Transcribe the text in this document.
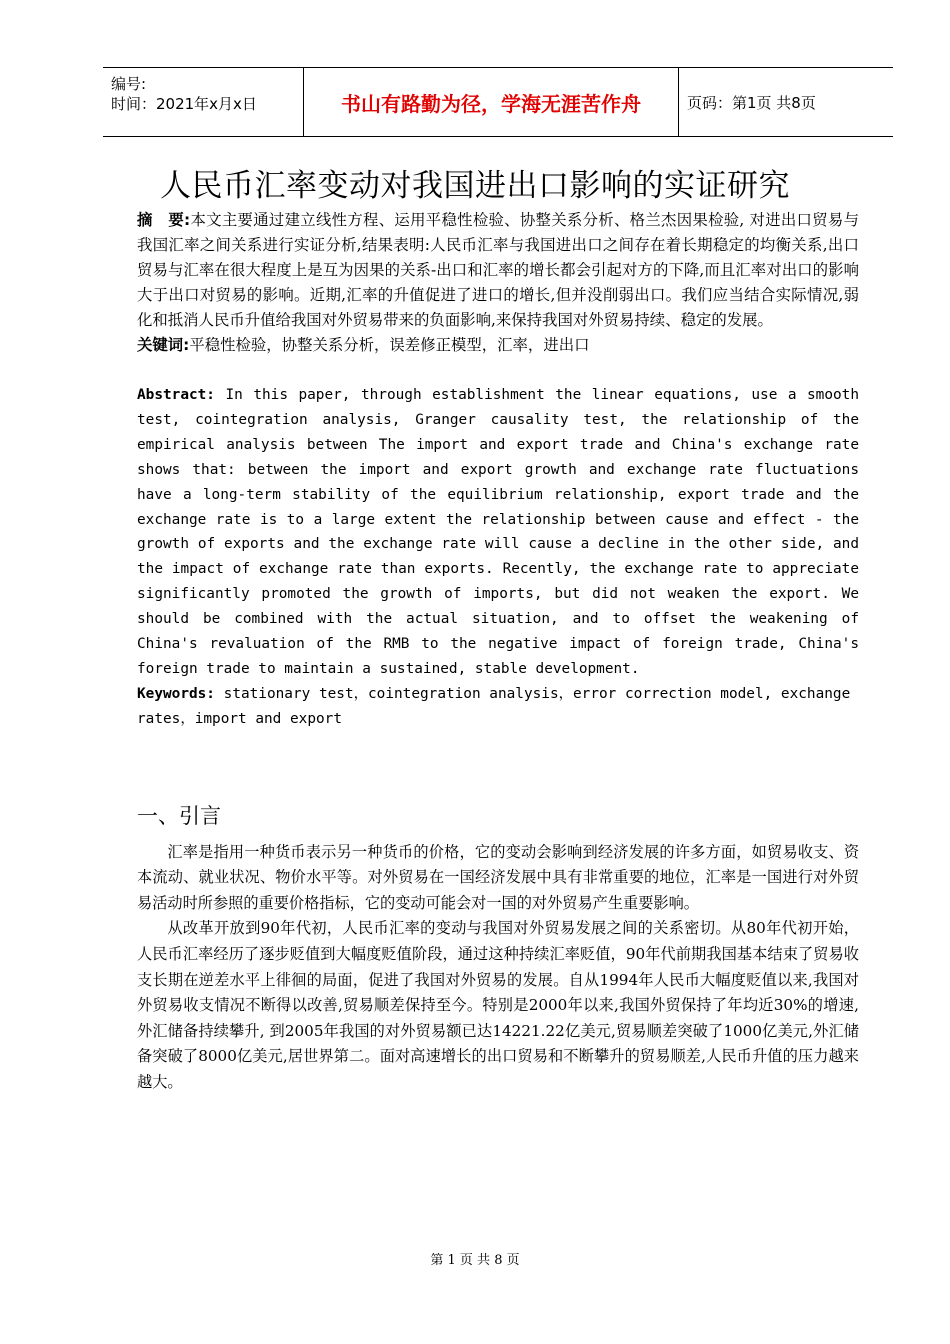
编号:
时间：2021年x月x日	书山有路勤为径，学海无涯苦作舟	页码：第1页 共8页
人民币汇率变动对我国进出口影响的实证研究

摘　要:本文主要通过建立线性方程、运用平稳性检验、协整关系分析、格兰杰因果检验, 对进出口贸易与我国汇率之间关系进行实证分析,结果表明:人民币汇率与我国进出口之间存在着长期稳定的均衡关系,出口贸易与汇率在很大程度上是互为因果的关系-出口和汇率的增长都会引起对方的下降,而且汇率对出口的影响大于出口对贸易的影响。近期,汇率的升值促进了进口的增长,但并没削弱出口。我们应当结合实际情况,弱化和抵消人民币升值给我国对外贸易带来的负面影响,来保持我国对外贸易持续、稳定的发展。

关键词:平稳性检验，协整关系分析，误差修正模型，汇率，进出口

Abstract: In this paper, through establishment the linear equations, use a smooth test, cointegration analysis, Granger causality test, the relationship of the empirical analysis between The import and export trade and China's exchange rate shows that: between the import and export growth and exchange rate fluctuations have a long-term stability of the equilibrium relationship, export trade and the exchange rate is to a large extent the relationship between cause and effect - the growth of exports and the exchange rate will cause a decline in the other side, and the impact of exchange rate than exports. Recently, the exchange rate to appreciate significantly promoted the growth of imports, but did not weaken the export. We should be combined with the actual situation, and to offset the weakening of China's revaluation of the RMB to the negative impact of foreign trade, China's foreign trade to maintain a sustained, stable development.

Keywords: stationary test，cointegration analysis，error correction model, exchange rates，import and export

一、引言

汇率是指用一种货币表示另一种货币的价格，它的变动会影响到经济发展的许多方面，如贸易收支、资本流动、就业状况、物价水平等。对外贸易在一国经济发展中具有非常重要的地位，汇率是一国进行对外贸易活动时所参照的重要价格指标，它的变动可能会对一国的对外贸易产生重要影响。

从改革开放到90年代初，人民币汇率的变动与我国对外贸易发展之间的关系密切。从80年代初开始，人民币汇率经历了逐步贬值到大幅度贬值阶段，通过这种持续汇率贬值，90年代前期我国基本结束了贸易收支长期在逆差水平上徘徊的局面，促进了我国对外贸易的发展。自从1994年人民币大幅度贬值以来,我国对外贸易收支情况不断得以改善,贸易顺差保持至今。特别是2000年以来,我国外贸保持了年均近30%的增速,外汇储备持续攀升, 到2005年我国的对外贸易额已达14221.22亿美元,贸易顺差突破了1000亿美元,外汇储备突破了8000亿美元,居世界第二。面对高速增长的出口贸易和不断攀升的贸易顺差,人民币升值的压力越来越大。

第 1 页 共 8 页
